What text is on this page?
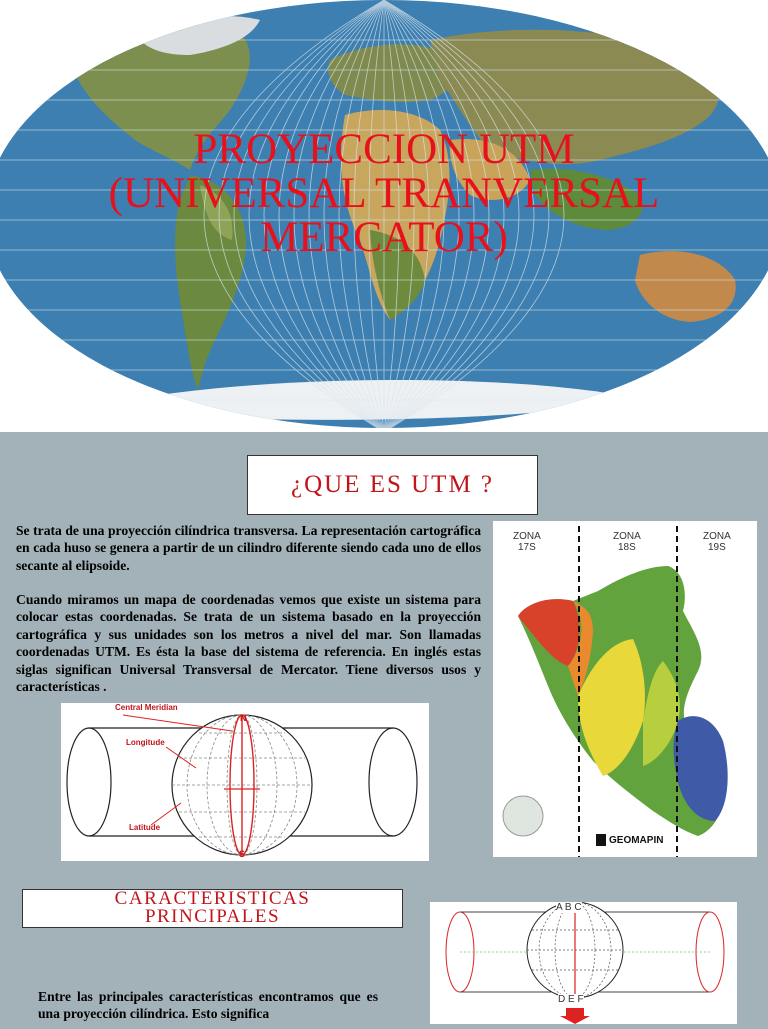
PROYECCION UTM
(UNIVERSAL TRANVERSAL
MERCATOR)
¿QUE ES UTM ?

Se trata de una proyección cilíndrica transversa. La representación cartográfica en cada huso se genera a partir de un cilindro diferente siendo cada uno de ellos secante al elipsoide.

Cuando miramos un mapa de coordenadas vemos que existe un sistema para colocar estas coordenadas. Se trata de un sistema basado en la proyección cartográfica y sus unidades son los metros a nivel del mar. Son llamadas coordenadas UTM. Es ésta la base del sistema de referencia. En inglés estas siglas significan Universal Transversal de Mercator. Tiene diversos usos y características .

Central Meridian
Longitude
Latitude
N
S
ZONA
17S
ZONA
18S
ZONA
19S
GEOMAPIN
CARACTERISTICAS
PRINCIPALES	A B C
D E F

Entre las principales características encontramos que es una proyección cilíndrica. Esto significa
